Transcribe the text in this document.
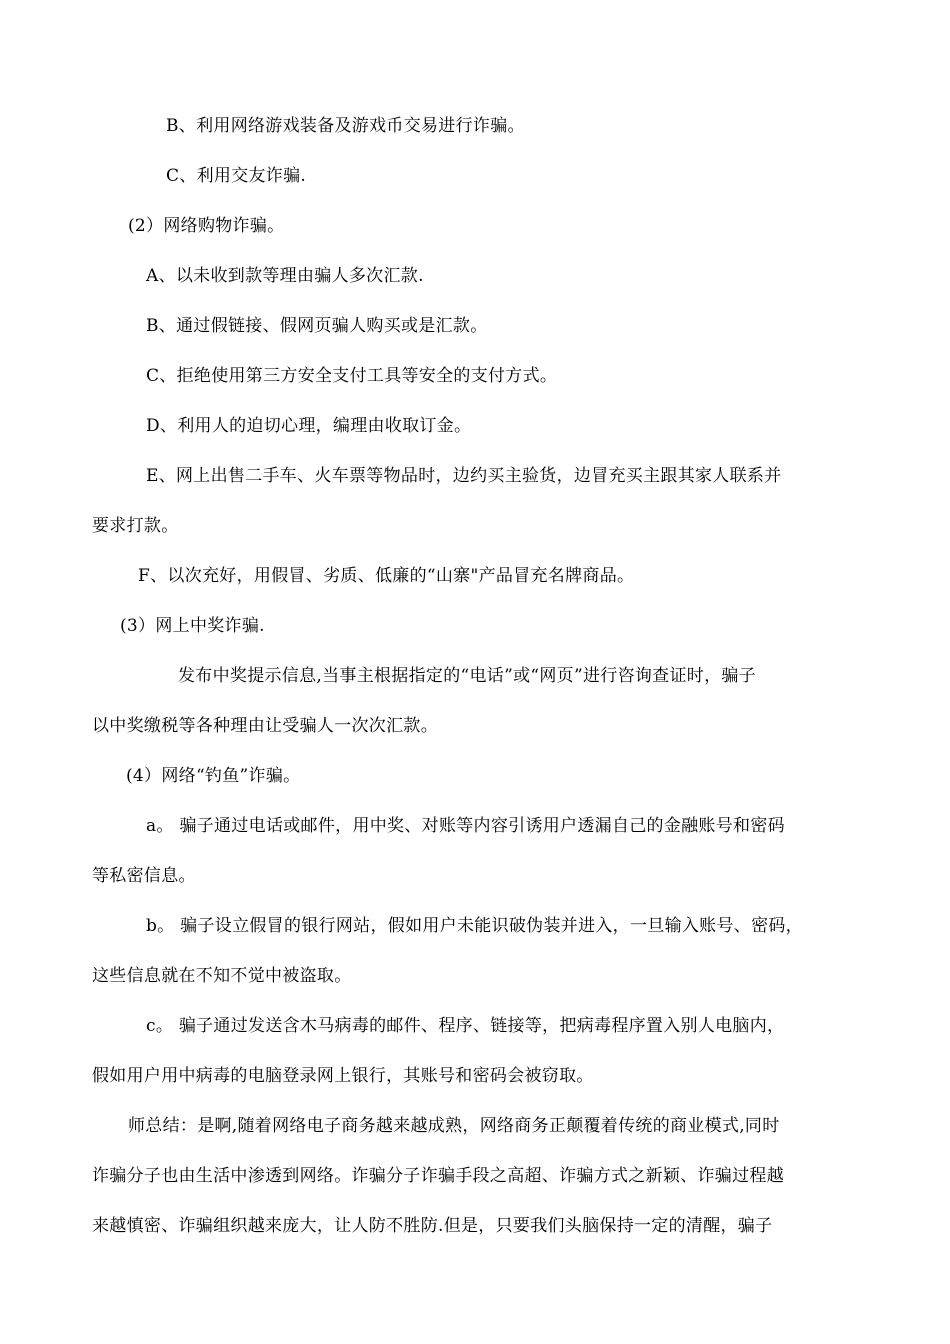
B、利用网络游戏装备及游戏币交易进行诈骗。
C、利用交友诈骗.
(2）网络购物诈骗。
A、以未收到款等理由骗人多次汇款.
B、通过假链接、假网页骗人购买或是汇款。
C、拒绝使用第三方安全支付工具等安全的支付方式。
D、利用人的迫切心理，编理由收取订金。
E、网上出售二手车、火车票等物品时，边约买主验货，边冒充买主跟其家人联系并
要求打款。
F、以次充好，用假冒、劣质、低廉的“山寨"产品冒充名牌商品。
(3）网上中奖诈骗.
发布中奖提示信息,当事主根据指定的“电话”或“网页”进行咨询查证时，骗子
以中奖缴税等各种理由让受骗人一次次汇款。
(4）网络“钓鱼”诈骗。
a。 骗子通过电话或邮件，用中奖、对账等内容引诱用户透漏自己的金融账号和密码
等私密信息。
b。 骗子设立假冒的银行网站，假如用户未能识破伪装并进入，一旦输入账号、密码，
这些信息就在不知不觉中被盗取。
c。 骗子通过发送含木马病毒的邮件、程序、链接等，把病毒程序置入别人电脑内，
假如用户用中病毒的电脑登录网上银行，其账号和密码会被窃取。
师总结：是啊,随着网络电子商务越来越成熟，网络商务正颠覆着传统的商业模式,同时
诈骗分子也由生活中渗透到网络。诈骗分子诈骗手段之高超、诈骗方式之新颖、诈骗过程越
来越慎密、诈骗组织越来庞大，让人防不胜防.但是，只要我们头脑保持一定的清醒，骗子
